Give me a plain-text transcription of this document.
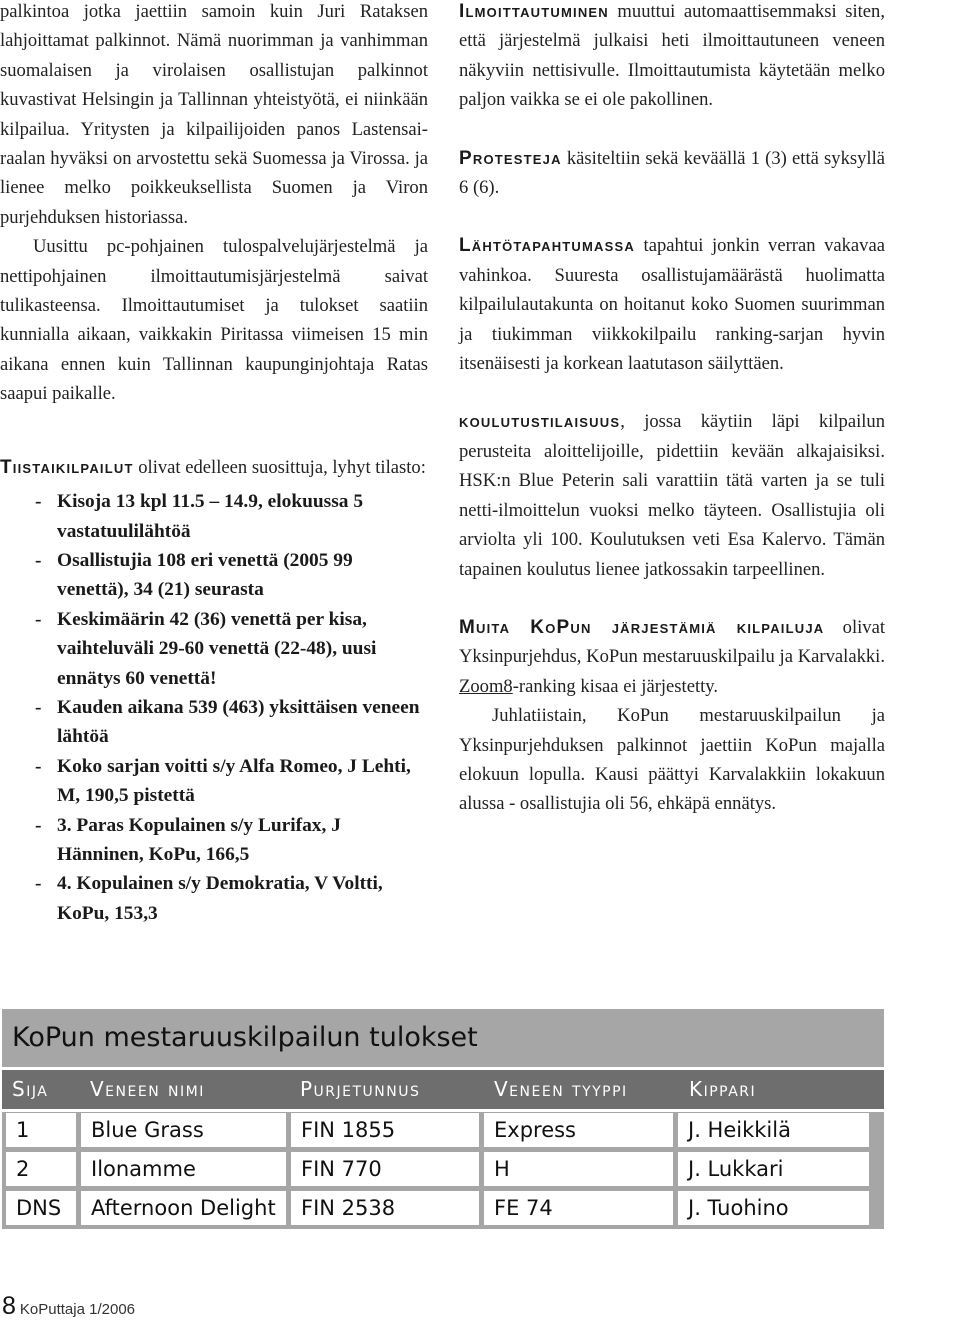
palkintoa jotka jaettiin samoin kuin Juri Rataksen lahjoittamat palkinnot. Nämä nuorimman ja vanhimman suomalaisen ja virolaisen osallistujan palkinnot kuvastivat Helsingin ja Tallinnan yhteistyötä, ei niinkään kilpailua. Yritysten ja kilpailijoiden panos Lastensairaalan hyväksi on arvostettu sekä Suomessa ja Virossa. ja lienee melko poikkeuksellista Suomen ja Viron purjehduksen historiassa.

Uusittu pc-pohjainen tulospalvelujärjestelmä ja nettipohjainen ilmoittautumisjärjestelmä saivat tulikasteensa. Ilmoittautumiset ja tulokset saatiin kunnialla aikaan, vaikkakin Piritassa viimeisen 15 min aikana ennen kuin Tallinnan kaupunginjohtaja Ratas saapui paikalle.

Tiistaikilpailut olivat edelleen suosittuja, lyhyt tilasto:

- Kisoja 13 kpl 11.5 – 14.9, elokuussa 5 vastatuulilähtöä
- Osallistujia 108 eri venettä (2005 99 venettä), 34 (21) seurasta
- Keskimäärin 42 (36) venettä per kisa, vaihteluväli 29-60 venettä (22-48), uusi ennätys 60 venettä!
- Kauden aikana 539 (463) yksittäisen veneen lähtöä
- Koko sarjan voitti s/y Alfa Romeo, J Lehti, M, 190,5 pistettä
- 3. Paras Kopulainen s/y Lurifax, J Hänninen, KoPu, 166,5
- 4. Kopulainen s/y Demokratia, V Voltti, KoPu, 153,3

Ilmoittautuminen muuttui automaattisemmaksi siten, että järjestelmä julkaisi heti ilmoittautuneen veneen näkyviin nettisivulle. Ilmoittautumista käytetään melko paljon vaikka se ei ole pakollinen.

Protesteja käsiteltiin sekä keväällä 1 (3) että syksyllä 6 (6).

Lähtötapahtumassa tapahtui jonkin verran vakavaa vahinkoa. Suuresta osallistujamäärästä huolimatta kilpailulautakunta on hoitanut koko Suomen suurimman ja tiukimman viikkokilpailu ranking-sarjan hyvin itsenäisesti ja korkean laatutason säilyttäen.

koulutustilaisuus, jossa käytiin läpi kilpailun perusteita aloittelijoille, pidettiin kevään alkajaisiksi. HSK:n Blue Peterin sali varattiin tätä varten ja se tuli netti-ilmoittelun vuoksi melko täyteen. Osallistujia oli arviolta yli 100. Koulutuksen veti Esa Kalervo. Tämän tapainen koulutus lienee jatkossakin tarpeellinen.

Muita KoPun järjestämiä kilpailuja olivat Yksinpurjehdus, KoPun mestaruuskilpailu ja Karvalakki. Zoom8-ranking kisaa ei järjestetty.

Juhlatiistain, KoPun mestaruuskilpailun ja Yksinpurjehduksen palkinnot jaettiin KoPun majalla elokuun lopulla. Kausi päättyi Karvalakkiin lokakuun alussa - osallistujia oli 56, ehkäpä ennätys.

KoPun mestaruuskilpailun tulokset
Sija	Veneen nimi	Purjetunnus	Veneen tyyppi	Kippari
1	Blue Grass	FIN 1855	Express	J. Heikkilä
2	Ilonamme	FIN 770	H	J. Lukkari
DNS	Afternoon Delight	FIN 2538	FE 74	J. Tuohino
8 KoPuttaja 1/2006
